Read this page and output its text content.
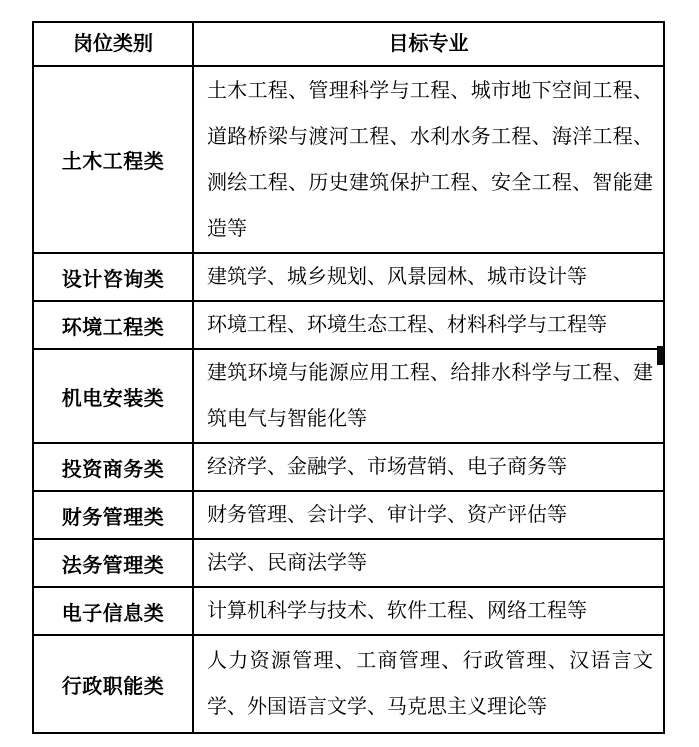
岗位类别	目标专业
土木工程类	土木工程、管理科学与工程、城市地下空间工程、道路桥梁与渡河工程、水利水务工程、海洋工程、测绘工程、历史建筑保护工程、安全工程、智能建造等
设计咨询类	建筑学、城乡规划、风景园林、城市设计等
环境工程类	环境工程、环境生态工程、材料科学与工程等
机电安装类	建筑环境与能源应用工程、给排水科学与工程、建筑电气与智能化等
投资商务类	经济学、金融学、市场营销、电子商务等
财务管理类	财务管理、会计学、审计学、资产评估等
法务管理类	法学、民商法学等
电子信息类	计算机科学与技术、软件工程、网络工程等
行政职能类	人力资源管理、工商管理、行政管理、汉语言文学、外国语言文学、马克思主义理论等
